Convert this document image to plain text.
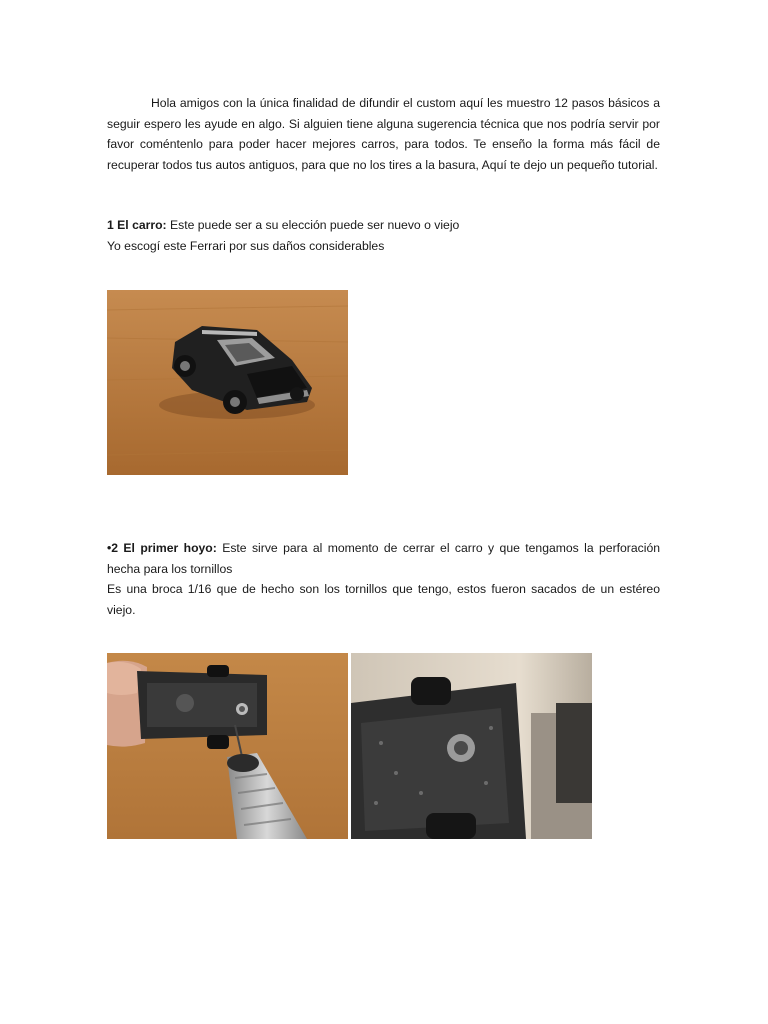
Hola amigos con la única finalidad de difundir el custom aquí les muestro 12 pasos básicos a seguir espero les ayude en algo. Si alguien tiene alguna sugerencia técnica que nos podría servir por favor coméntenlo para poder hacer mejores carros, para todos. Te enseño la forma más fácil de recuperar todos tus autos antiguos, para que no los tires a la basura, Aquí te dejo un pequeño tutorial.

1 El carro: Este puede ser a su elección puede ser nuevo o viejo
Yo escogí este Ferrari por sus daños considerables

•2 El primer hoyo: Este sirve para al momento de cerrar el carro y que tengamos la perforación hecha para los tornillos
Es una broca 1/16 que de hecho son los tornillos que tengo, estos fueron sacados de un estéreo viejo.
